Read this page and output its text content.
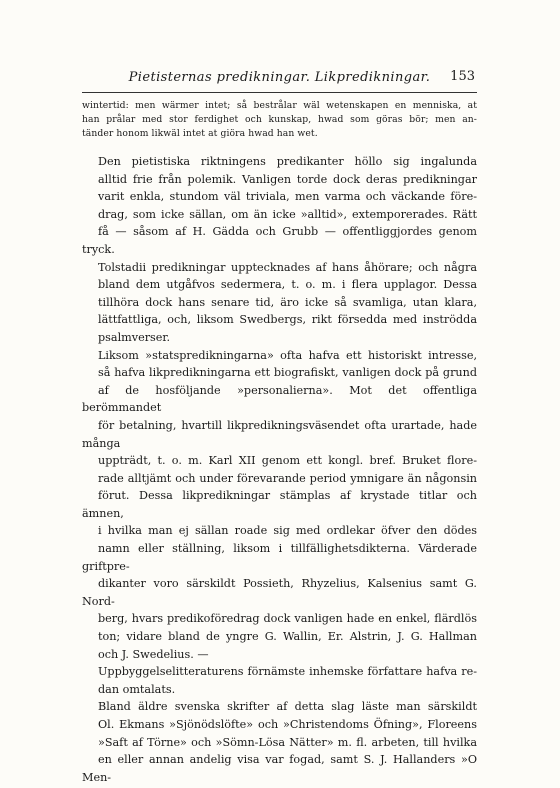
Pietisternas predikningar. Likpredikningar.	153
wintertid: men wärmer intet; så bestrålar wäl wetenskapen en menniska, at
han prålar med stor ferdighet och kunskap, hwad som göras bör; men an-
tänder honom likwäl intet at giöra hwad han wet.

Den pietistiska riktningens predikanter höllo sig ingalunda
alltid frie från polemik. Vanligen torde dock deras predikningar
varit enkla, stundom väl triviala, men varma och väckande före-
drag, som icke sällan, om än icke »alltid», extemporerades. Rätt
få — såsom af H. Gädda och Grubb — offentliggjordes genom tryck.
Tolstadii predikningar upptecknades af hans åhörare; och några
bland dem utgåfvos sedermera, t. o. m. i flera upplagor. Dessa
tillhöra dock hans senare tid, äro icke så svamliga, utan klara,
lättfattliga, och, liksom Swedbergs, rikt försedda med inströdda
psalmverser.

Liksom »statspredikningarna» ofta hafva ett historiskt intresse,
så hafva likpredikningarna ett biografiskt, vanligen dock på grund
af de hosföljande »personalierna». Mot det offentliga berömmandet
för betalning, hvartill likpredikningsväsendet ofta urartade, hade många
uppträdt, t. o. m. Karl XII genom ett kongl. bref. Bruket flore-
rade alltjämt och under förevarande period ymnigare än någonsin
förut. Dessa likpredikningar stämplas af krystade titlar och ämnen,
i hvilka man ej sällan roade sig med ordlekar öfver den dödes
namn eller ställning, liksom i tillfällighetsdikterna. Värderade griftpre-
dikanter voro särskildt Possieth, Rhyzelius, Kalsenius samt G. Nord-
berg, hvars predikoföredrag dock vanligen hade en enkel, flärdlös
ton; vidare bland de yngre G. Wallin, Er. Alstrin, J. G. Hallman
och J. Swedelius. —

Uppbyggelselitteraturens förnämste inhemske författare hafva re-
dan omtalats.

Bland äldre svenska skrifter af detta slag läste man särskildt
Ol. Ekmans »Sjönödslöfte» och »Christendoms Öfning», Floreens
»Saft af Törne» och »Sömn-Lösa Nätter» m. fl. arbeten, till hvilka
en eller annan andelig visa var fogad, samt S. J. Hallanders »O Men-
